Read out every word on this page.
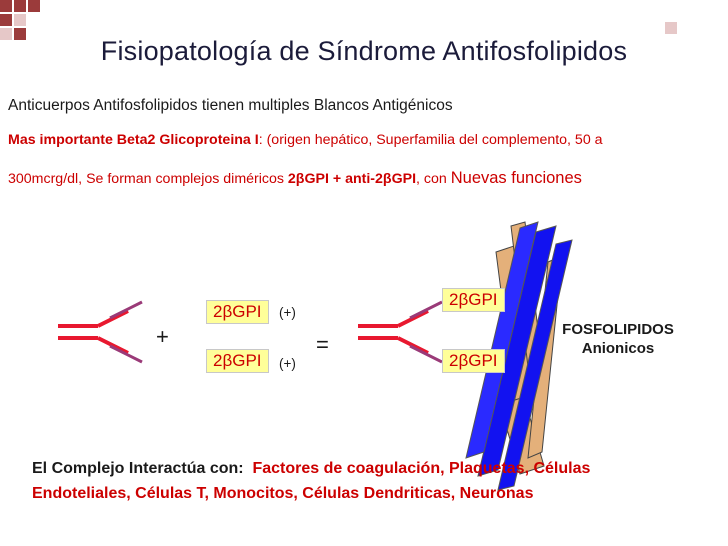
Fisiopatología de Síndrome Antifosfolipidos
Anticuerpos Antifosfolipidos tienen multiples Blancos Antigénicos
Mas importante Beta2 Glicoproteina I: (origen hepático, Superfamilia del complemento, 50 a
300mcrg/dl, Se forman complejos diméricos 2βGPI + anti-2βGPI, con Nuevas funciones
2βGPI	(+)
2βGPI	(+)
+	=
2βGPI
2βGPI
FOSFOLIPIDOS
Anionicos
El Complejo Interactúa con: Factores de coagulación, Plaquetas, Células
Endoteliales, Células T, Monocitos, Células Dendriticas, Neuronas
